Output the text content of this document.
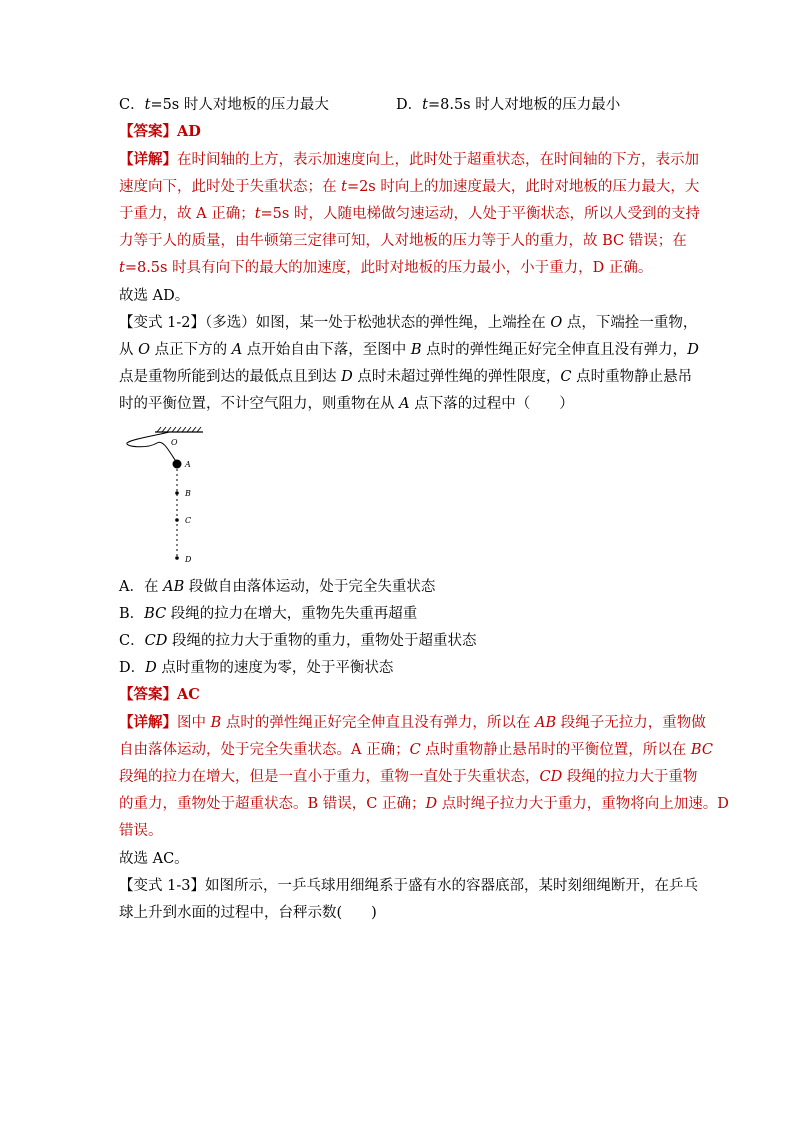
C．t=5s 时人对地板的压力最大	D．t=8.5s 时人对地板的压力最小
【答案】AD
【详解】在时间轴的上方，表示加速度向上，此时处于超重状态，在时间轴的下方，表示加
速度向下，此时处于失重状态；在 t=2s 时向上的加速度最大，此时对地板的压力最大，大
于重力，故 A 正确；t=5s 时，人随电梯做匀速运动，人处于平衡状态，所以人受到的支持
力等于人的质量，由牛顿第三定律可知，人对地板的压力等于人的重力，故 BC 错误；在
t=8.5s 时具有向下的最大的加速度，此时对地板的压力最小，小于重力，D 正确。
故选 AD。
【变式 1-2】（多选）如图，某一处于松弛状态的弹性绳，上端拴在 O 点，下端拴一重物，
从 O 点正下方的 A 点开始自由下落，至图中 B 点时的弹性绳正好完全伸直且没有弹力，D
点是重物所能到达的最低点且到达 D 点时未超过弹性绳的弹性限度，C 点时重物静止悬吊
时的平衡位置，不计空气阻力，则重物在从 A 点下落的过程中（　　）
O
A
B
C
D
A．在 AB 段做自由落体运动，处于完全失重状态
B．BC 段绳的拉力在增大，重物先失重再超重
C．CD 段绳的拉力大于重物的重力，重物处于超重状态
D．D 点时重物的速度为零，处于平衡状态
【答案】AC
【详解】图中 B 点时的弹性绳正好完全伸直且没有弹力，所以在 AB 段绳子无拉力，重物做
自由落体运动，处于完全失重状态。A 正确；C 点时重物静止悬吊时的平衡位置，所以在 BC
段绳的拉力在增大，但是一直小于重力，重物一直处于失重状态，CD 段绳的拉力大于重物
的重力，重物处于超重状态。B 错误，C 正确；D 点时绳子拉力大于重力，重物将向上加速。D
错误。
故选 AC。
【变式 1-3】如图所示，一乒乓球用细绳系于盛有水的容器底部，某时刻细绳断开，在乒乓
球上升到水面的过程中，台秤示数(　　)
